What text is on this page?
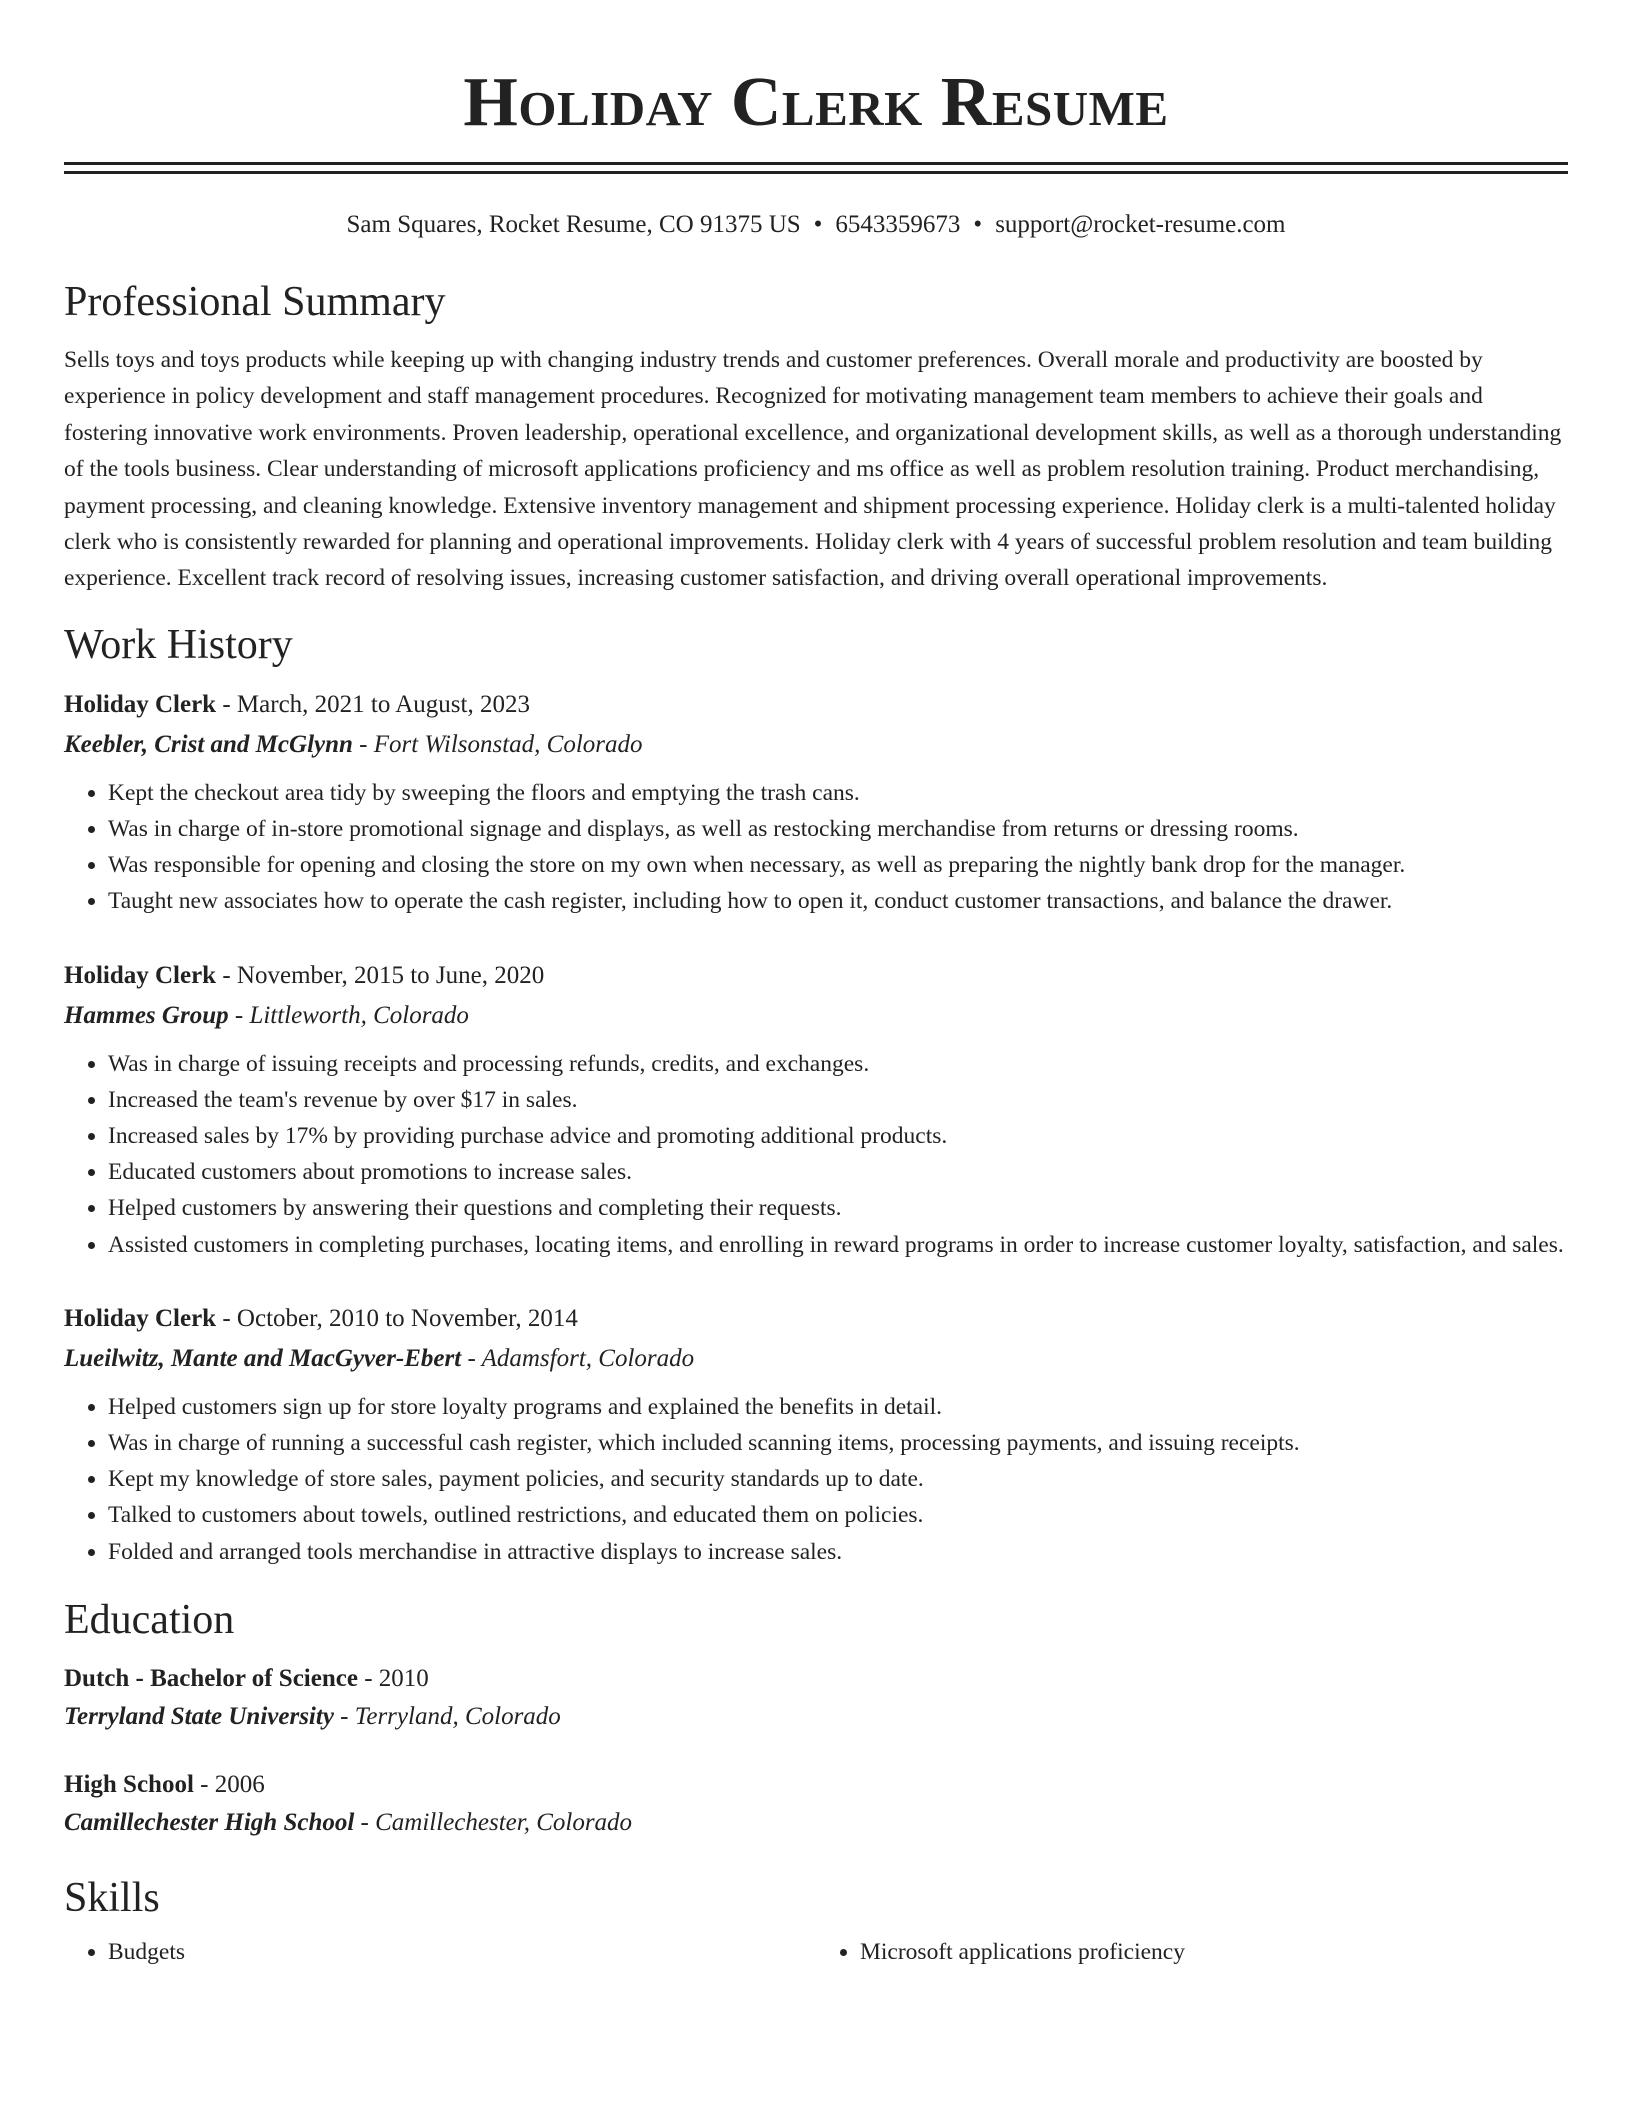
Holiday Clerk Resume
Sam Squares, Rocket Resume, CO 91375 US • 6543359673 • support@rocket-resume.com
Professional Summary

Sells toys and toys products while keeping up with changing industry trends and customer preferences. Overall morale and productivity are boosted by experience in policy development and staff management procedures. Recognized for motivating management team members to achieve their goals and fostering innovative work environments. Proven leadership, operational excellence, and organizational development skills, as well as a thorough understanding of the tools business. Clear understanding of microsoft applications proficiency and ms office as well as problem resolution training. Product merchandising, payment processing, and cleaning knowledge. Extensive inventory management and shipment processing experience. Holiday clerk is a multi-talented holiday clerk who is consistently rewarded for planning and operational improvements. Holiday clerk with 4 years of successful problem resolution and team building experience. Excellent track record of resolving issues, increasing customer satisfaction, and driving overall operational improvements.

Work History
Holiday Clerk - March, 2021 to August, 2023
Keebler, Crist and McGlynn - Fort Wilsonstad, Colorado
• Kept the checkout area tidy by sweeping the floors and emptying the trash cans.
• Was in charge of in-store promotional signage and displays, as well as restocking merchandise from returns or dressing rooms.
• Was responsible for opening and closing the store on my own when necessary, as well as preparing the nightly bank drop for the manager.
• Taught new associates how to operate the cash register, including how to open it, conduct customer transactions, and balance the drawer.
Holiday Clerk - November, 2015 to June, 2020
Hammes Group - Littleworth, Colorado
• Was in charge of issuing receipts and processing refunds, credits, and exchanges.
• Increased the team's revenue by over $17 in sales.
• Increased sales by 17% by providing purchase advice and promoting additional products.
• Educated customers about promotions to increase sales.
• Helped customers by answering their questions and completing their requests.
• Assisted customers in completing purchases, locating items, and enrolling in reward programs in order to increase customer loyalty, satisfaction, and sales.
Holiday Clerk - October, 2010 to November, 2014
Lueilwitz, Mante and MacGyver-Ebert - Adamsfort, Colorado
• Helped customers sign up for store loyalty programs and explained the benefits in detail.
• Was in charge of running a successful cash register, which included scanning items, processing payments, and issuing receipts.
• Kept my knowledge of store sales, payment policies, and security standards up to date.
• Talked to customers about towels, outlined restrictions, and educated them on policies.
• Folded and arranged tools merchandise in attractive displays to increase sales.
Education
Dutch - Bachelor of Science - 2010
Terryland State University - Terryland, Colorado
High School - 2006
Camillechester High School - Camillechester, Colorado
Skills
• Budgets
•	Microsoft applications proficiency
